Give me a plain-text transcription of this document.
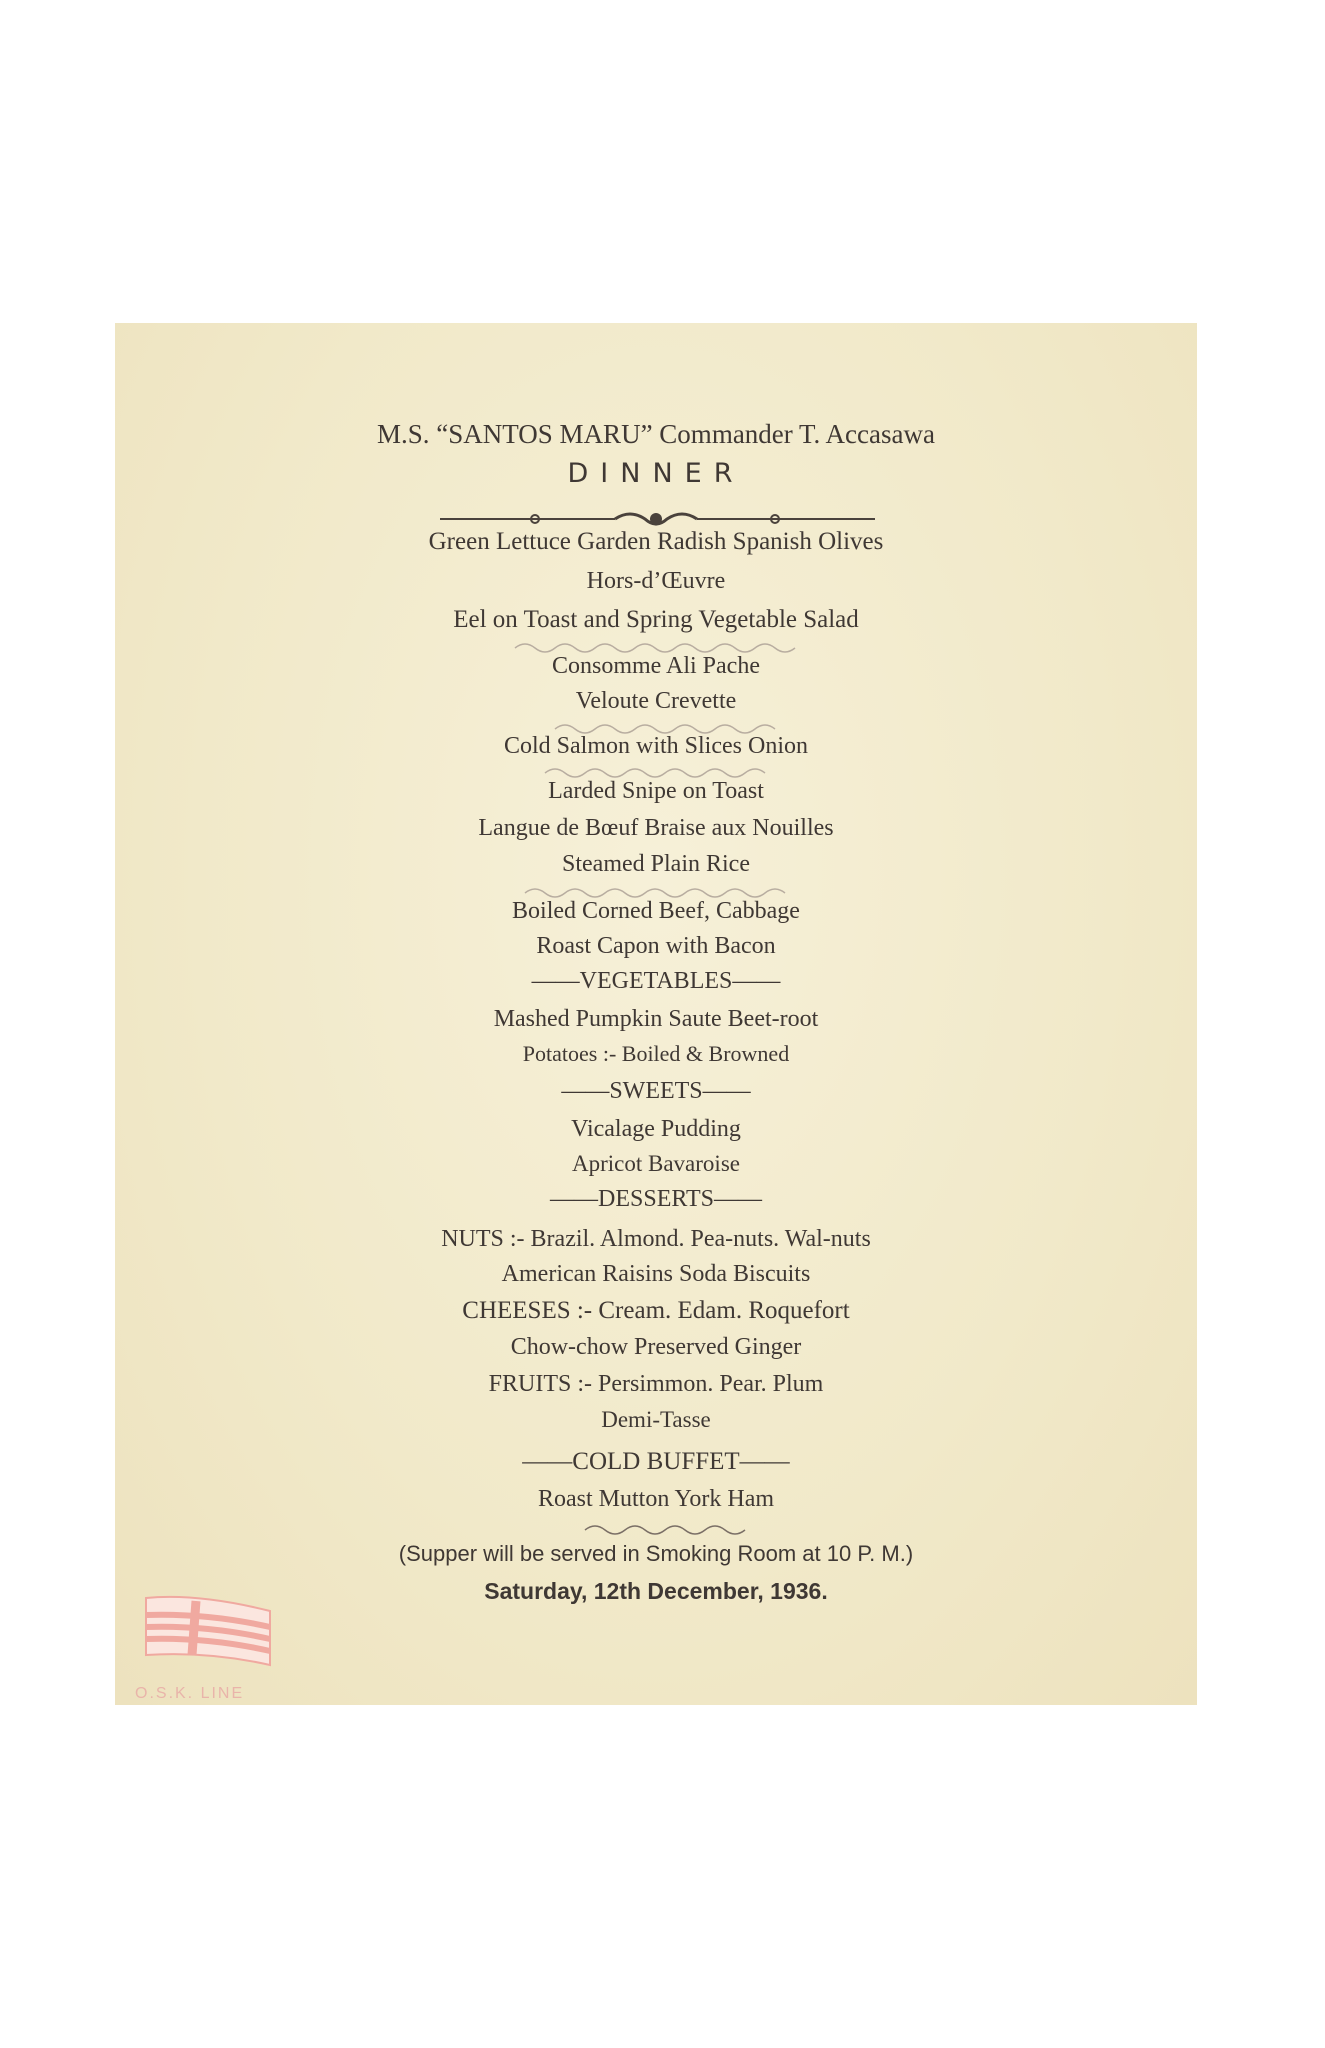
M.S. “SANTOS MARU” Commander T. Accasawa
DINNER
Green Lettuce Garden Radish Spanish Olives
Hors-d’Œuvre
Eel on Toast and Spring Vegetable Salad
Consomme Ali Pache
Veloute Crevette
Cold Salmon with Slices Onion
Larded Snipe on Toast
Langue de Bœuf Braise aux Nouilles
Steamed Plain Rice
Boiled Corned Beef, Cabbage
Roast Capon with Bacon
——VEGETABLES——
Mashed Pumpkin Saute Beet-root
Potatoes :- Boiled & Browned
——SWEETS——
Vicalage Pudding
Apricot Bavaroise
——DESSERTS——
NUTS :- Brazil. Almond. Pea-nuts. Wal-nuts
American Raisins Soda Biscuits
CHEESES :- Cream. Edam. Roquefort
Chow-chow Preserved Ginger
FRUITS :- Persimmon. Pear. Plum
Demi-Tasse
——COLD BUFFET——
Roast Mutton York Ham
(Supper will be served in Smoking Room at 10 P. M.)
Saturday, 12th December, 1936.
O.S.K. LINE
